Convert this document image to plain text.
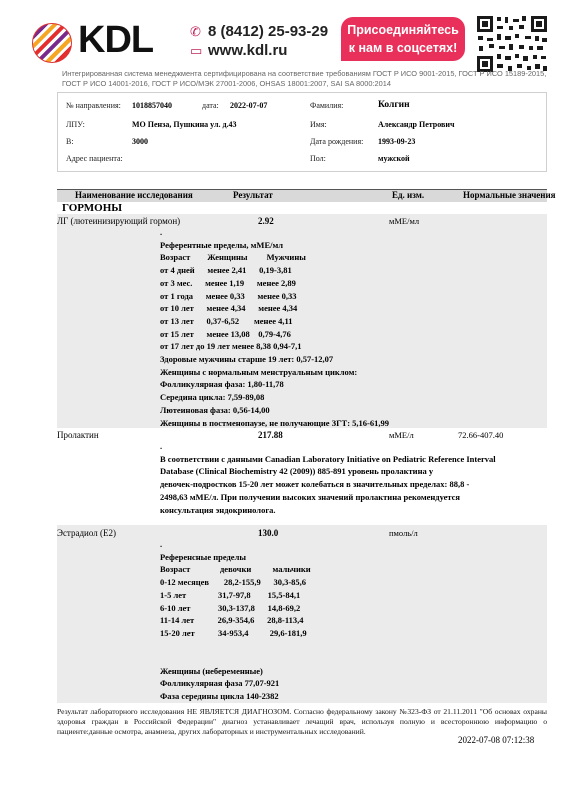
KDL	✆ 8 (8412) 25-93-29
▭ www.kdl.ru
Присоединяйтесь
к нам в соцсетях!
Интегрированная система менеджмента сертифицирована на соответствие требованиям ГОСТ Р ИСО 9001-2015, ГОСТ Р ИСО 15189-2015, ГОСТ Р ИСО 14001-2016, ГОСТ Р ИСО/МЭК 27001-2006, OHSAS 18001:2007, SAI SA 8000:2014
№ направления: 1018857040	дата: 2022-07-07
ЛПУ:	МО Пенза, Пушкина ул. д.43
В:	3000
Адрес пациента:
Фамилия:	Колгин
Имя:	Александр Петрович
Дата рождения: 1993-09-23
Пол:	мужской
Наименование исследования	Результат	Ед. изм.	Нормальные значения
ГОРМОНЫ
ЛГ (лютеинизирующий гормон)	2.92	мМЕ/мл
.
Референтные пределы, мМЕ/мл
Возраст        Женщины         Мужчины
от 4 дней      менее 2,41      0,19-3,81
от 3 мес.      менее 1,19      менее 2,89
от 1 года      менее 0,33      менее 0,33
от 10 лет      менее 4,34      менее 4,34
от 13 лет      0,37-6,52       менее 4,11
от 15 лет      менее 13,08    0,79-4,76
от 17 лет до 19 лет менее 8,38 0,94-7,1
Здоровые мужчины старше 19 лет: 0,57-12,07
Женщины с нормальным менструальным циклом:
Фолликулярная фаза: 1,80-11,78
Середина цикла: 7,59-89,08
Лютеиновая фаза: 0,56-14,00
Женщины в постменопаузе, не получающие ЗГТ: 5,16-61,99
Пролактин	217.88	мМЕ/л	72.66-407.40
.
В соответствии с данными Canadian Laboratory Initiative on Pediatric Reference Interval
Database (Clinical Biochemistry 42 (2009)) 885-891 уровень пролактина у
девочек-подростков 15-20 лет может колебаться в значительных пределах: 88,8 -
2498,63 мМЕ/л. При получении высоких значений пролактина рекомендуется
консультация эндокринолога.
Эстрадиол (E2)	130.0	пмоль/л
.
Референсные пределы
Возраст              девочки          мальчики
0-12 месяцев       28,2-155,9      30,3-85,6
1-5 лет               31,7-97,8        15,5-84,1
6-10 лет             30,3-137,8      14,8-69,2
11-14 лет           26,9-354,6      28,8-113,4
15-20 лет           34-953,4          29,6-181,9
Женщины (небеременные)
Фолликулярная фаза 77,07-921
Фаза середины цикла 140-2382
Результат лабораторного исследования НЕ ЯВЛЯЕТСЯ ДИАГНОЗОМ. Согласно федеральному закону №323-ФЗ от 21.11.2011 "Об основах охраны здоровья граждан в Российской Федерации" диагноз устанавливает лечащий врач, используя полную и всестороннюю информацию о пациенте:данные осмотра, анамнеза, других лабораторных и инструментальных исследований.
2022-07-08 07:12:38
